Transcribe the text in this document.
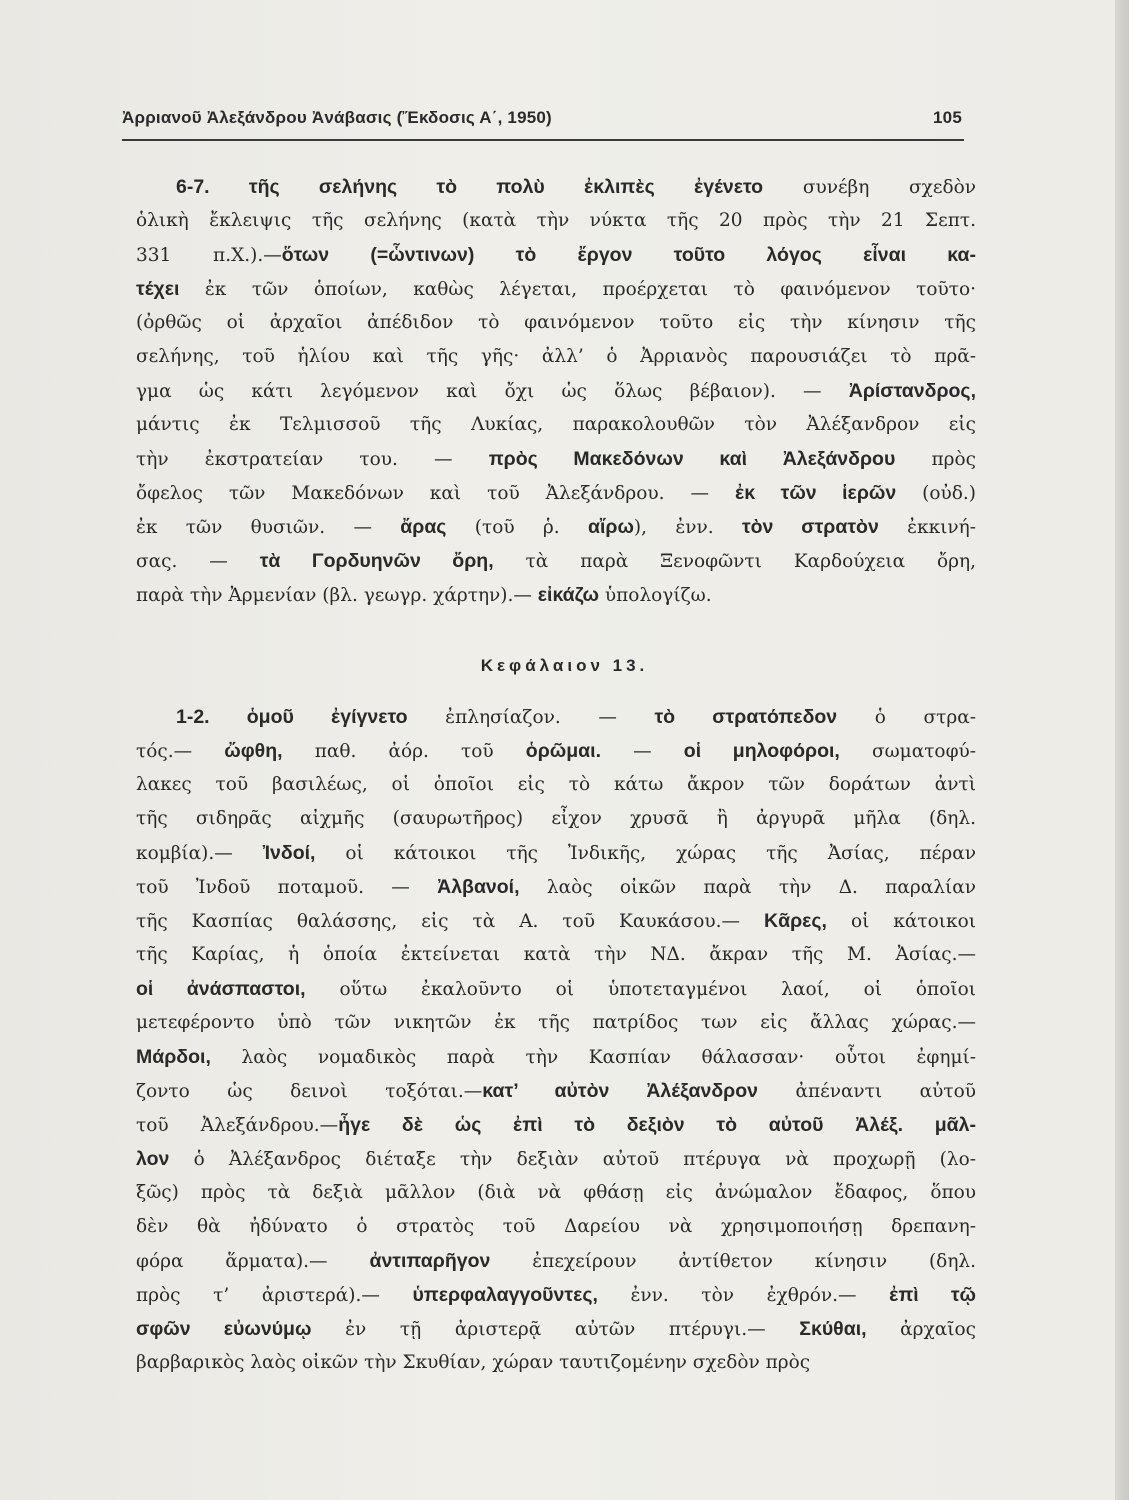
Ἀρριανοῦ Ἀλεξάνδρου Ἀνάβασις (Ἔκδοσις Α΄, 1950)	105
6-7. τῆς σελήνης τὸ πολὺ ἐκλιπὲς ἐγένετο συνέβη σχεδὸν
ὁλικὴ ἔκλειψις τῆς σελήνης (κατὰ τὴν νύκτα τῆς 20 πρὸς τὴν 21 Σεπτ.
331 π.Χ.).—ὅτων (=ὧντινων) τὸ ἔργον τοῦτο λόγος εἶναι κα-
τέχει ἐκ τῶν ὁποίων, καθὼς λέγεται, προέρχεται τὸ φαινόμενον τοῦτο·
(ὀρθῶς οἱ ἀρχαῖοι ἀπέδιδον τὸ φαινόμενον τοῦτο εἰς τὴν κίνησιν τῆς
σελήνης, τοῦ ἡλίου καὶ τῆς γῆς· ἀλλ’ ὁ Ἀρριανὸς παρουσιάζει τὸ πρᾶ-
γμα ὡς κάτι λεγόμενον καὶ ὄχι ὡς ὅλως βέβαιον). — Ἀρίστανδρος,
μάντις ἐκ Τελμισσοῦ τῆς Λυκίας, παρακολουθῶν τὸν Ἀλέξανδρον εἰς
τὴν ἐκστρατείαν του. — πρὸς Μακεδόνων καὶ Ἀλεξάνδρου πρὸς
ὄφελος τῶν Μακεδόνων καὶ τοῦ Ἀλεξάνδρου. — ἐκ τῶν ἱερῶν (οὐδ.)
ἐκ τῶν θυσιῶν. — ἄρας (τοῦ ῥ. αἴρω), ἐνν. τὸν στρατὸν ἐκκινή-
σας. — τὰ Γορδυηνῶν ὄρη, τὰ παρὰ Ξενοφῶντι Καρδούχεια ὄρη,
παρὰ τὴν Ἀρμενίαν (βλ. γεωγρ. χάρτην).— εἰκάζω ὑπολογίζω.
Κεφάλαιον 13.
1-2. ὁμοῦ ἐγίγνετο ἐπλησίαζον. — τὸ στρατόπεδον ὁ στρα-
τός.— ὤφθη, παθ. ἀόρ. τοῦ ὁρῶμαι. — οἱ μηλοφόροι, σωματοφύ-
λακες τοῦ βασιλέως, οἱ ὁποῖοι εἰς τὸ κάτω ἄκρον τῶν δοράτων ἀντὶ
τῆς σιδηρᾶς αἰχμῆς (σαυρωτῆρος) εἶχον χρυσᾶ ἢ ἀργυρᾶ μῆλα (δηλ.
κομβία).— Ἰνδοί, οἱ κάτοικοι τῆς Ἰνδικῆς, χώρας τῆς Ἀσίας, πέραν
τοῦ Ἰνδοῦ ποταμοῦ. — Ἀλβανοί, λαὸς οἰκῶν παρὰ τὴν Δ. παραλίαν
τῆς Κασπίας θαλάσσης, εἰς τὰ Α. τοῦ Καυκάσου.— Κᾶρες, οἱ κάτοικοι
τῆς Καρίας, ἡ ὁποία ἐκτείνεται κατὰ τὴν ΝΔ. ἄκραν τῆς Μ. Ἀσίας.—
οἱ ἀνάσπαστοι, οὕτω ἐκαλοῦντο οἱ ὑποτεταγμένοι λαοί, οἱ ὁποῖοι
μετεφέροντο ὑπὸ τῶν νικητῶν ἐκ τῆς πατρίδος των εἰς ἄλλας χώρας.—
Μάρδοι, λαὸς νομαδικὸς παρὰ τὴν Κασπίαν θάλασσαν· οὗτοι ἐφημί-
ζοντο ὡς δεινοὶ τοξόται.—κατ’ αὐτὸν Ἀλέξανδρον ἀπέναντι αὐτοῦ
τοῦ Ἀλεξάνδρου.—ἦγε δὲ ὡς ἐπὶ τὸ δεξιὸν τὸ αὐτοῦ Ἀλέξ. μᾶλ-
λον ὁ Ἀλέξανδρος διέταξε τὴν δεξιὰν αὐτοῦ πτέρυγα νὰ προχωρῇ (λο-
ξῶς) πρὸς τὰ δεξιὰ μᾶλλον (διὰ νὰ φθάσῃ εἰς ἀνώμαλον ἔδαφος, ὅπου
δὲν θὰ ἠδύνατο ὁ στρατὸς τοῦ Δαρείου νὰ χρησιμοποιήσῃ δρεπανη-
φόρα ἅρματα).— ἀντιπαρῆγον ἐπεχείρουν ἀντίθετον κίνησιν (δηλ.
πρὸς τ’ ἀριστερά).— ὑπερφαλαγγοῦντες, ἐνν. τὸν ἐχθρόν.— ἐπὶ τῷ
σφῶν εὐωνύμῳ ἐν τῇ ἀριστερᾷ αὐτῶν πτέρυγι.— Σκύθαι, ἀρχαῖος
βαρβαρικὸς λαὸς οἰκῶν τὴν Σκυθίαν, χώραν ταυτιζομένην σχεδὸν πρὸς
